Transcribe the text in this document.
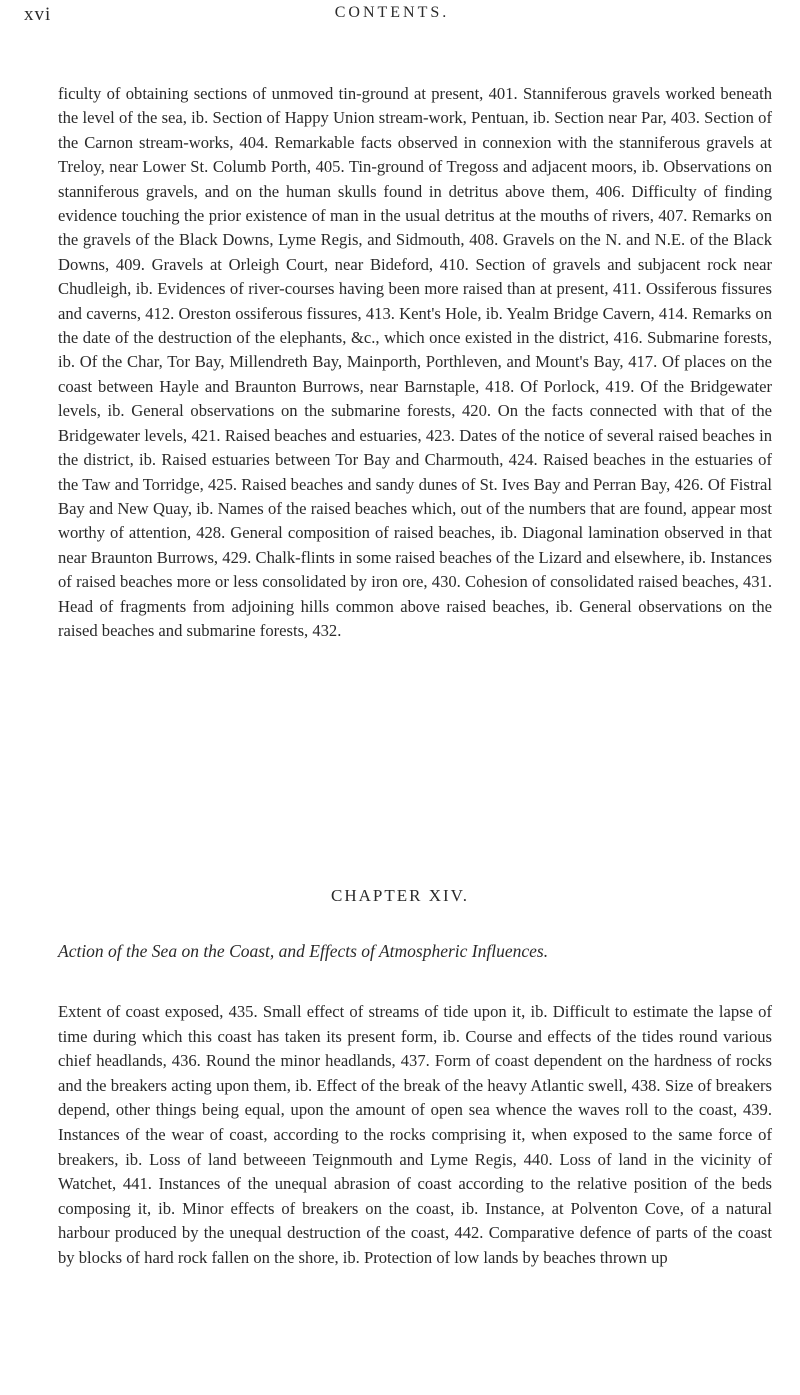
xvi	CONTENTS.
ficulty of obtaining sections of unmoved tin-ground at present, 401. Stanniferous gravels worked beneath the level of the sea, ib. Section of Happy Union stream-work, Pentuan, ib. Section near Par, 403. Section of the Carnon stream-works, 404. Remarkable facts observed in connexion with the stanniferous gravels at Treloy, near Lower St. Columb Porth, 405. Tin-ground of Tregoss and adjacent moors, ib. Observations on stanniferous gravels, and on the human skulls found in detritus above them, 406. Difficulty of finding evidence touching the prior existence of man in the usual detritus at the mouths of rivers, 407. Remarks on the gravels of the Black Downs, Lyme Regis, and Sidmouth, 408. Gravels on the N. and N.E. of the Black Downs, 409. Gravels at Orleigh Court, near Bideford, 410. Section of gravels and subjacent rock near Chudleigh, ib. Evidences of river-courses having been more raised than at present, 411. Ossiferous fissures and caverns, 412. Oreston ossiferous fissures, 413. Kent's Hole, ib. Yealm Bridge Cavern, 414. Remarks on the date of the destruction of the elephants, &c., which once existed in the district, 416. Submarine forests, ib. Of the Char, Tor Bay, Millendreth Bay, Mainporth, Porthleven, and Mount's Bay, 417. Of places on the coast between Hayle and Braunton Burrows, near Barnstaple, 418. Of Porlock, 419. Of the Bridgewater levels, ib. General observations on the submarine forests, 420. On the facts connected with that of the Bridgewater levels, 421. Raised beaches and estuaries, 423. Dates of the notice of several raised beaches in the district, ib. Raised estuaries between Tor Bay and Charmouth, 424. Raised beaches in the estuaries of the Taw and Torridge, 425. Raised beaches and sandy dunes of St. Ives Bay and Perran Bay, 426. Of Fistral Bay and New Quay, ib. Names of the raised beaches which, out of the numbers that are found, appear most worthy of attention, 428. General composition of raised beaches, ib. Diagonal lamination observed in that near Braunton Burrows, 429. Chalk-flints in some raised beaches of the Lizard and elsewhere, ib. Instances of raised beaches more or less consolidated by iron ore, 430. Cohesion of consolidated raised beaches, 431. Head of fragments from adjoining hills common above raised beaches, ib. General observations on the raised beaches and submarine forests, 432.
CHAPTER XIV.
Action of the Sea on the Coast, and Effects of Atmospheric Influences.
Extent of coast exposed, 435. Small effect of streams of tide upon it, ib. Difficult to estimate the lapse of time during which this coast has taken its present form, ib. Course and effects of the tides round various chief headlands, 436. Round the minor headlands, 437. Form of coast dependent on the hardness of rocks and the breakers acting upon them, ib. Effect of the break of the heavy Atlantic swell, 438. Size of breakers depend, other things being equal, upon the amount of open sea whence the waves roll to the coast, 439. Instances of the wear of coast, according to the rocks comprising it, when exposed to the same force of breakers, ib. Loss of land betweeen Teignmouth and Lyme Regis, 440. Loss of land in the vicinity of Watchet, 441. Instances of the unequal abrasion of coast according to the relative position of the beds composing it, ib. Minor effects of breakers on the coast, ib. Instance, at Polventon Cove, of a natural harbour produced by the unequal destruction of the coast, 442. Comparative defence of parts of the coast by blocks of hard rock fallen on the shore, ib. Protection of low lands by beaches thrown up
